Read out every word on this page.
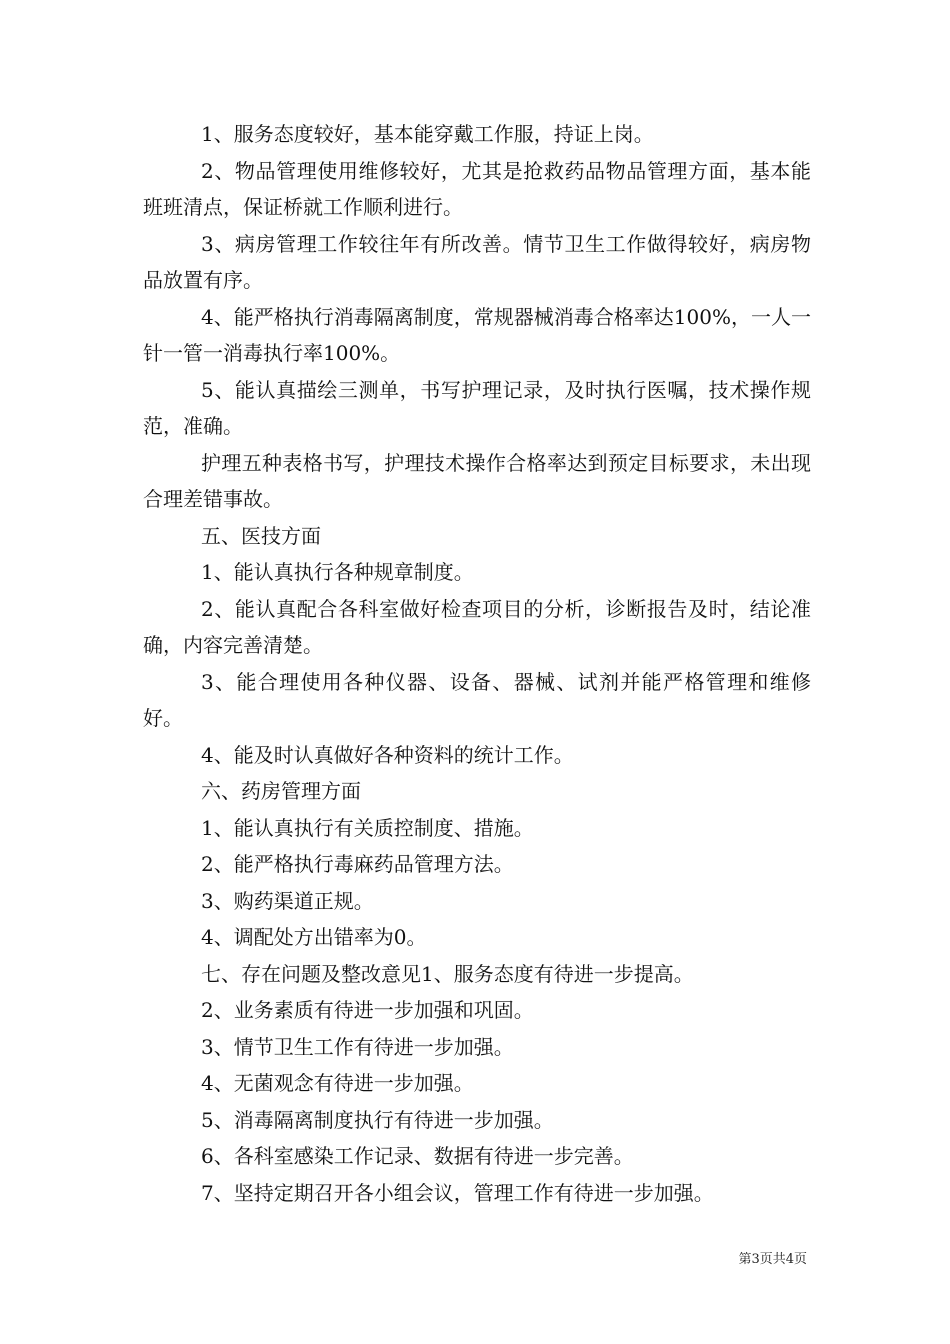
1、服务态度较好，基本能穿戴工作服，持证上岗。

2、物品管理使用维修较好，尤其是抢救药品物品管理方面，基本能班班清点，保证桥就工作顺利进行。

3、病房管理工作较往年有所改善。情节卫生工作做得较好，病房物品放置有序。

4、能严格执行消毒隔离制度，常规器械消毒合格率达100%，一人一针一管一消毒执行率100%。

5、能认真描绘三测单，书写护理记录，及时执行医嘱，技术操作规范，准确。

护理五种表格书写，护理技术操作合格率达到预定目标要求，未出现合理差错事故。

五、医技方面

1、能认真执行各种规章制度。

2、能认真配合各科室做好检查项目的分析，诊断报告及时，结论准确，内容完善清楚。

3、能合理使用各种仪器、设备、器械、试剂并能严格管理和维修好。

4、能及时认真做好各种资料的统计工作。

六、药房管理方面

1、能认真执行有关质控制度、措施。

2、能严格执行毒麻药品管理方法。

3、购药渠道正规。

4、调配处方出错率为0。

七、存在问题及整改意见1、服务态度有待进一步提高。

2、业务素质有待进一步加强和巩固。

3、情节卫生工作有待进一步加强。

4、无菌观念有待进一步加强。

5、消毒隔离制度执行有待进一步加强。

6、各科室感染工作记录、数据有待进一步完善。

7、坚持定期召开各小组会议，管理工作有待进一步加强。

第3页共4页
